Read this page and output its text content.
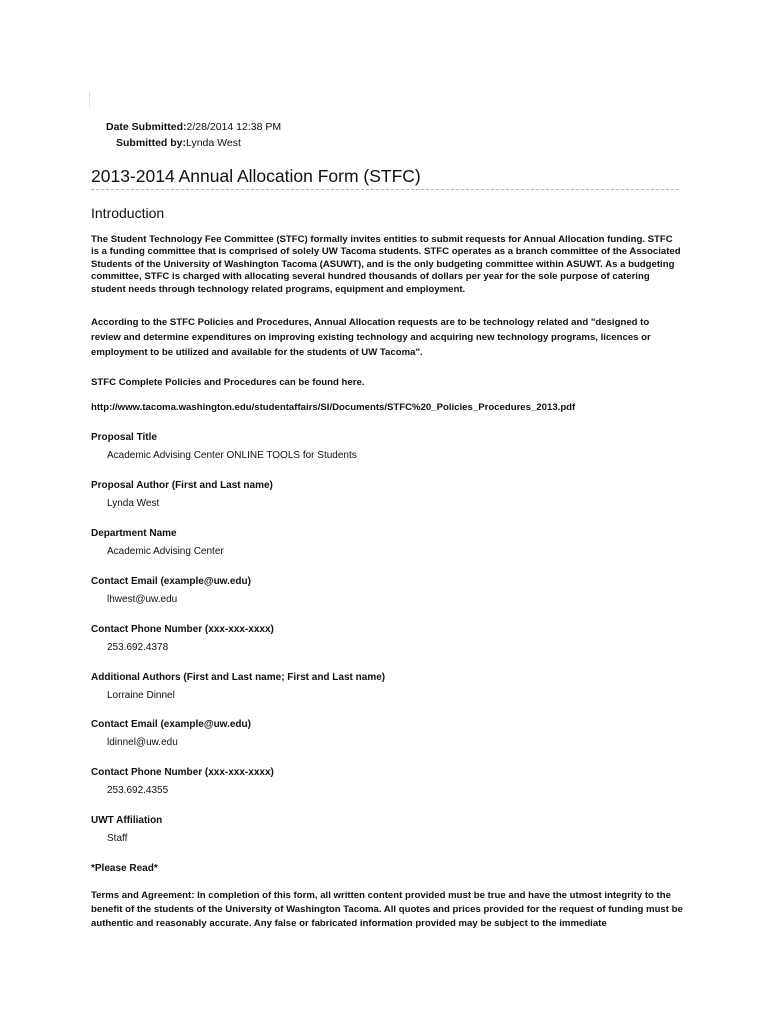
Date Submitted:2/28/2014 12:38 PM
Submitted by:Lynda West
2013-2014 Annual Allocation Form (STFC)
Introduction

The Student Technology Fee Committee (STFC) formally invites entities to submit requests for Annual Allocation funding. STFC is a funding committee that is comprised of solely UW Tacoma students. STFC operates as a branch committee of the Associated Students of the University of Washington Tacoma (ASUWT), and is the only budgeting committee within ASUWT. As a budgeting committee, STFC is charged with allocating several hundred thousands of dollars per year for the sole purpose of catering student needs through technology related programs, equipment and employment.

According to the STFC Policies and Procedures, Annual Allocation requests are to be technology related and "designed to review and determine expenditures on improving existing technology and acquiring new technology programs, licences or employment to be utilized and available for the students of UW Tacoma".

STFC Complete Policies and Procedures can be found here.

http://www.tacoma.washington.edu/studentaffairs/SI/Documents/STFC%20_Policies_Procedures_2013.pdf

Proposal Title
Academic Advising Center ONLINE TOOLS for Students
Proposal Author (First and Last name)
Lynda West
Department Name
Academic Advising Center
Contact Email (example@uw.edu)
lhwest@uw.edu
Contact Phone Number (xxx-xxx-xxxx)
253.692.4378
Additional Authors (First and Last name; First and Last name)
Lorraine Dinnel
Contact Email (example@uw.edu)
ldinnel@uw.edu
Contact Phone Number (xxx-xxx-xxxx)
253.692.4355
UWT Affiliation
Staff
*Please Read*

Terms and Agreement: In completion of this form, all written content provided must be true and have the utmost integrity to the benefit of the students of the University of Washington Tacoma. All quotes and prices provided for the request of funding must be authentic and reasonably accurate. Any false or fabricated information provided may be subject to the immediate
